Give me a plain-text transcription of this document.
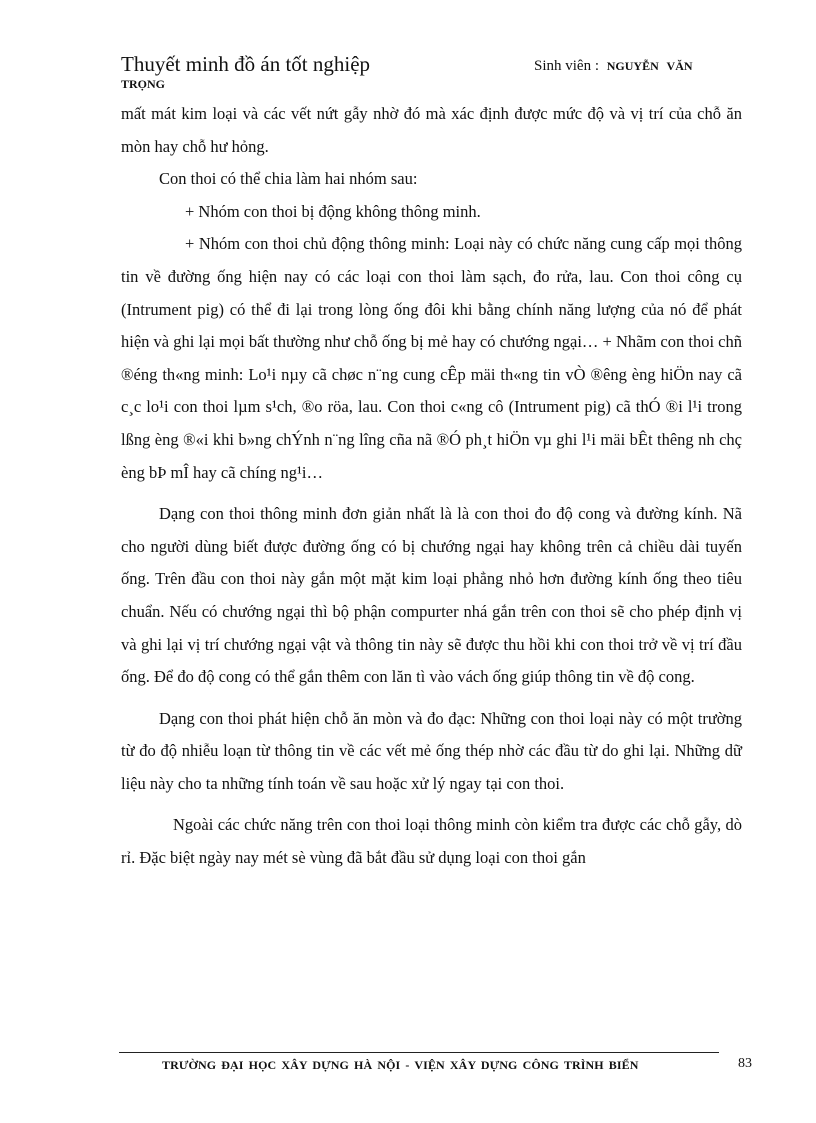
Thuyết minh đồ án tốt nghiệp	Sinh viên : NGUYỄN VĂN
TRỌNG

mất mát kim loại và các vết nứt gẫy nhờ đó mà xác định được mức độ và vị trí của chỗ ăn mòn hay chỗ hư hỏng.

Con thoi có thể chia làm hai nhóm sau:

+ Nhóm con thoi bị động không thông minh.

+ Nhóm con thoi chủ động thông minh: Loại này có chức năng cung cấp mọi thông tin về đường ống hiện nay có các loại con thoi làm sạch, đo rửa, lau. Con thoi công cụ (Intrument pig) có thể đi lại trong lòng ống đôi khi bằng chính năng lượng của nó để phát hiện và ghi lại mọi bất thường như chỗ ống bị mẻ hay có chướng ngại… + Nhãm con thoi chñ ®éng th«ng minh: Lo¹i nµy cã chøc n¨ng cung cÊp mäi th«ng tin vÒ ®êng èng hiÖn nay cã c¸c lo¹i con thoi lµm s¹ch, ®o röa, lau. Con thoi c«ng cô (Intrument pig) cã thÓ ®i l¹i trong lßng èng ®«i khi b»ng chÝnh n¨ng lîng cña nã ®Ó ph¸t hiÖn vµ ghi l¹i mäi bÊt thêng nh chç èng bÞ mÎ hay cã chíng ng¹i…

Dạng con thoi thông minh đơn giản nhất là là con thoi đo độ cong và đường kính. Nã cho người dùng biết được đường ống có bị chướng ngại hay không trên cả chiều dài tuyến ống. Trên đầu con thoi này gắn một mặt kim loại phẳng nhỏ hơn đường kính ống theo tiêu chuẩn. Nếu có chướng ngại thì bộ phận compurter nhá gắn trên con thoi sẽ cho phép định vị và ghi lại vị trí chướng ngại vật và thông tin này sẽ được thu hồi khi con thoi trở về vị trí đầu ống. Để đo độ cong có thể gắn thêm con lăn tì vào vách ống giúp thông tin về độ cong.

Dạng con thoi phát hiện chỗ ăn mòn và đo đạc: Những con thoi loại này có một trường từ đo độ nhiễu loạn từ thông tin về các vết mẻ ống thép nhờ các đầu từ do ghi lại. Những dữ liệu này cho ta những tính toán về sau hoặc xử lý ngay tại con thoi.

Ngoài các chức năng trên con thoi loại thông minh còn kiểm tra được các chỗ gẫy, dò rỉ. Đặc biệt ngày nay mét sè vùng đã bắt đầu sử dụng loại con thoi gắn

TRƯỜNG ĐẠI HỌC XÂY DỰNG HÀ NỘI - VIỆN XÂY DỰNG CÔNG TRÌNH BIỂN	83
